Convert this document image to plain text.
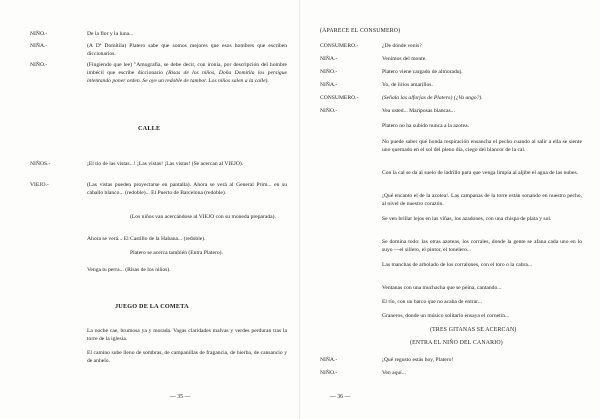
NIÑO.-	De la flor y la luna...
NIÑA.-	(A Dª Domitila) Platero sabe que somos mejores que esos hombres que escriben diccionarios.
NIÑO.-	(Fingiendo que lee) "Amografía, se debe decir, con ironía, por descripción del hombre imbécil que escribe diccionario (Risas de los niños, Doña Domitila los persigue intentando poner orden. Se oye un redoble de tambor. Los niños salen a la calle).
CALLE
NIÑOS.-	¡El tío de las vistas...! ¡Las vistas! ¡Las vistas! (Se acercan al VIEJO).
VIEJO.-	(Las vistas pueden proyectarse en pantalla). Ahora se verá al General Prim... en su caballo blanco... (redoble)... El Puerto de Barcelona (redoble).
(Los niños van acercándose al VIEJO con su moneda preparada).
Ahora se verá... El Castillo de la Habana... (redoble).
Platero se acerca también (Entra Platero).
Venga tu perra... (Risas de los niños).
JUEGO DE LA COMETA
La noche cae, brumosa ya y morada. Vagas claridades malvas y verdes perduran tras la torre de la iglesia.
El camino sube lleno de sombras, de campanillas de fragancia, de hierba, de cansancio y de anhelo.
— 35 —
(APARECE EL CONSUMERO)
CONSUMERO.-	¿De dónde venís?
NIÑA.-	Venimos del monte.
NIÑO.-	Platero viene cargado de almoraduj.
NIÑA.-	Yo, de lirios amarillos.
CONSUMERO.-	(Señala las alforjas de Platero) (¿Va ungo?).
NIÑO.-	Vea usted... Mariposas blancas...
Platero no ha subido nunca a la azotea.
No puede saber qué honda respiración ensancha el pecho cuando al salir a ella se siente uno quemado en el sol del pleno día, ciego del blancor de la cal.
Con la cal se da al suelo de ladrillo para que venga limpia al aljibe el agua de las nubes.
¡Qué encanto el de la azotea!. Las campanas de la torre están sonando en nuestro pecho, al nivel de nuestro corazón.
Se ven brillar lejos en las viñas, los azadones, con una chispa de plata y sol.
Se domina todo: las otras azoteas, los corrales, donde la gente se afana cada uno en lo suyo —el sillero, el pintor, el tonelero...
Las manchas de arbolado de los corralones, con el toro o la cabra...
Ventanas con una muchacha que se peina, cantando...
El río, con un barco que no acaba de entrar...
Graneros, donde un músico solitario ensaya el cornetín...
(TRES GITANAS SE ACERCAN)
(ENTRA EL NIÑO DEL CANARIO)
NIÑA.-	¡Qué regusto estás hoy, Platero!
NIÑO.-	Ven aquí...
— 36 —
